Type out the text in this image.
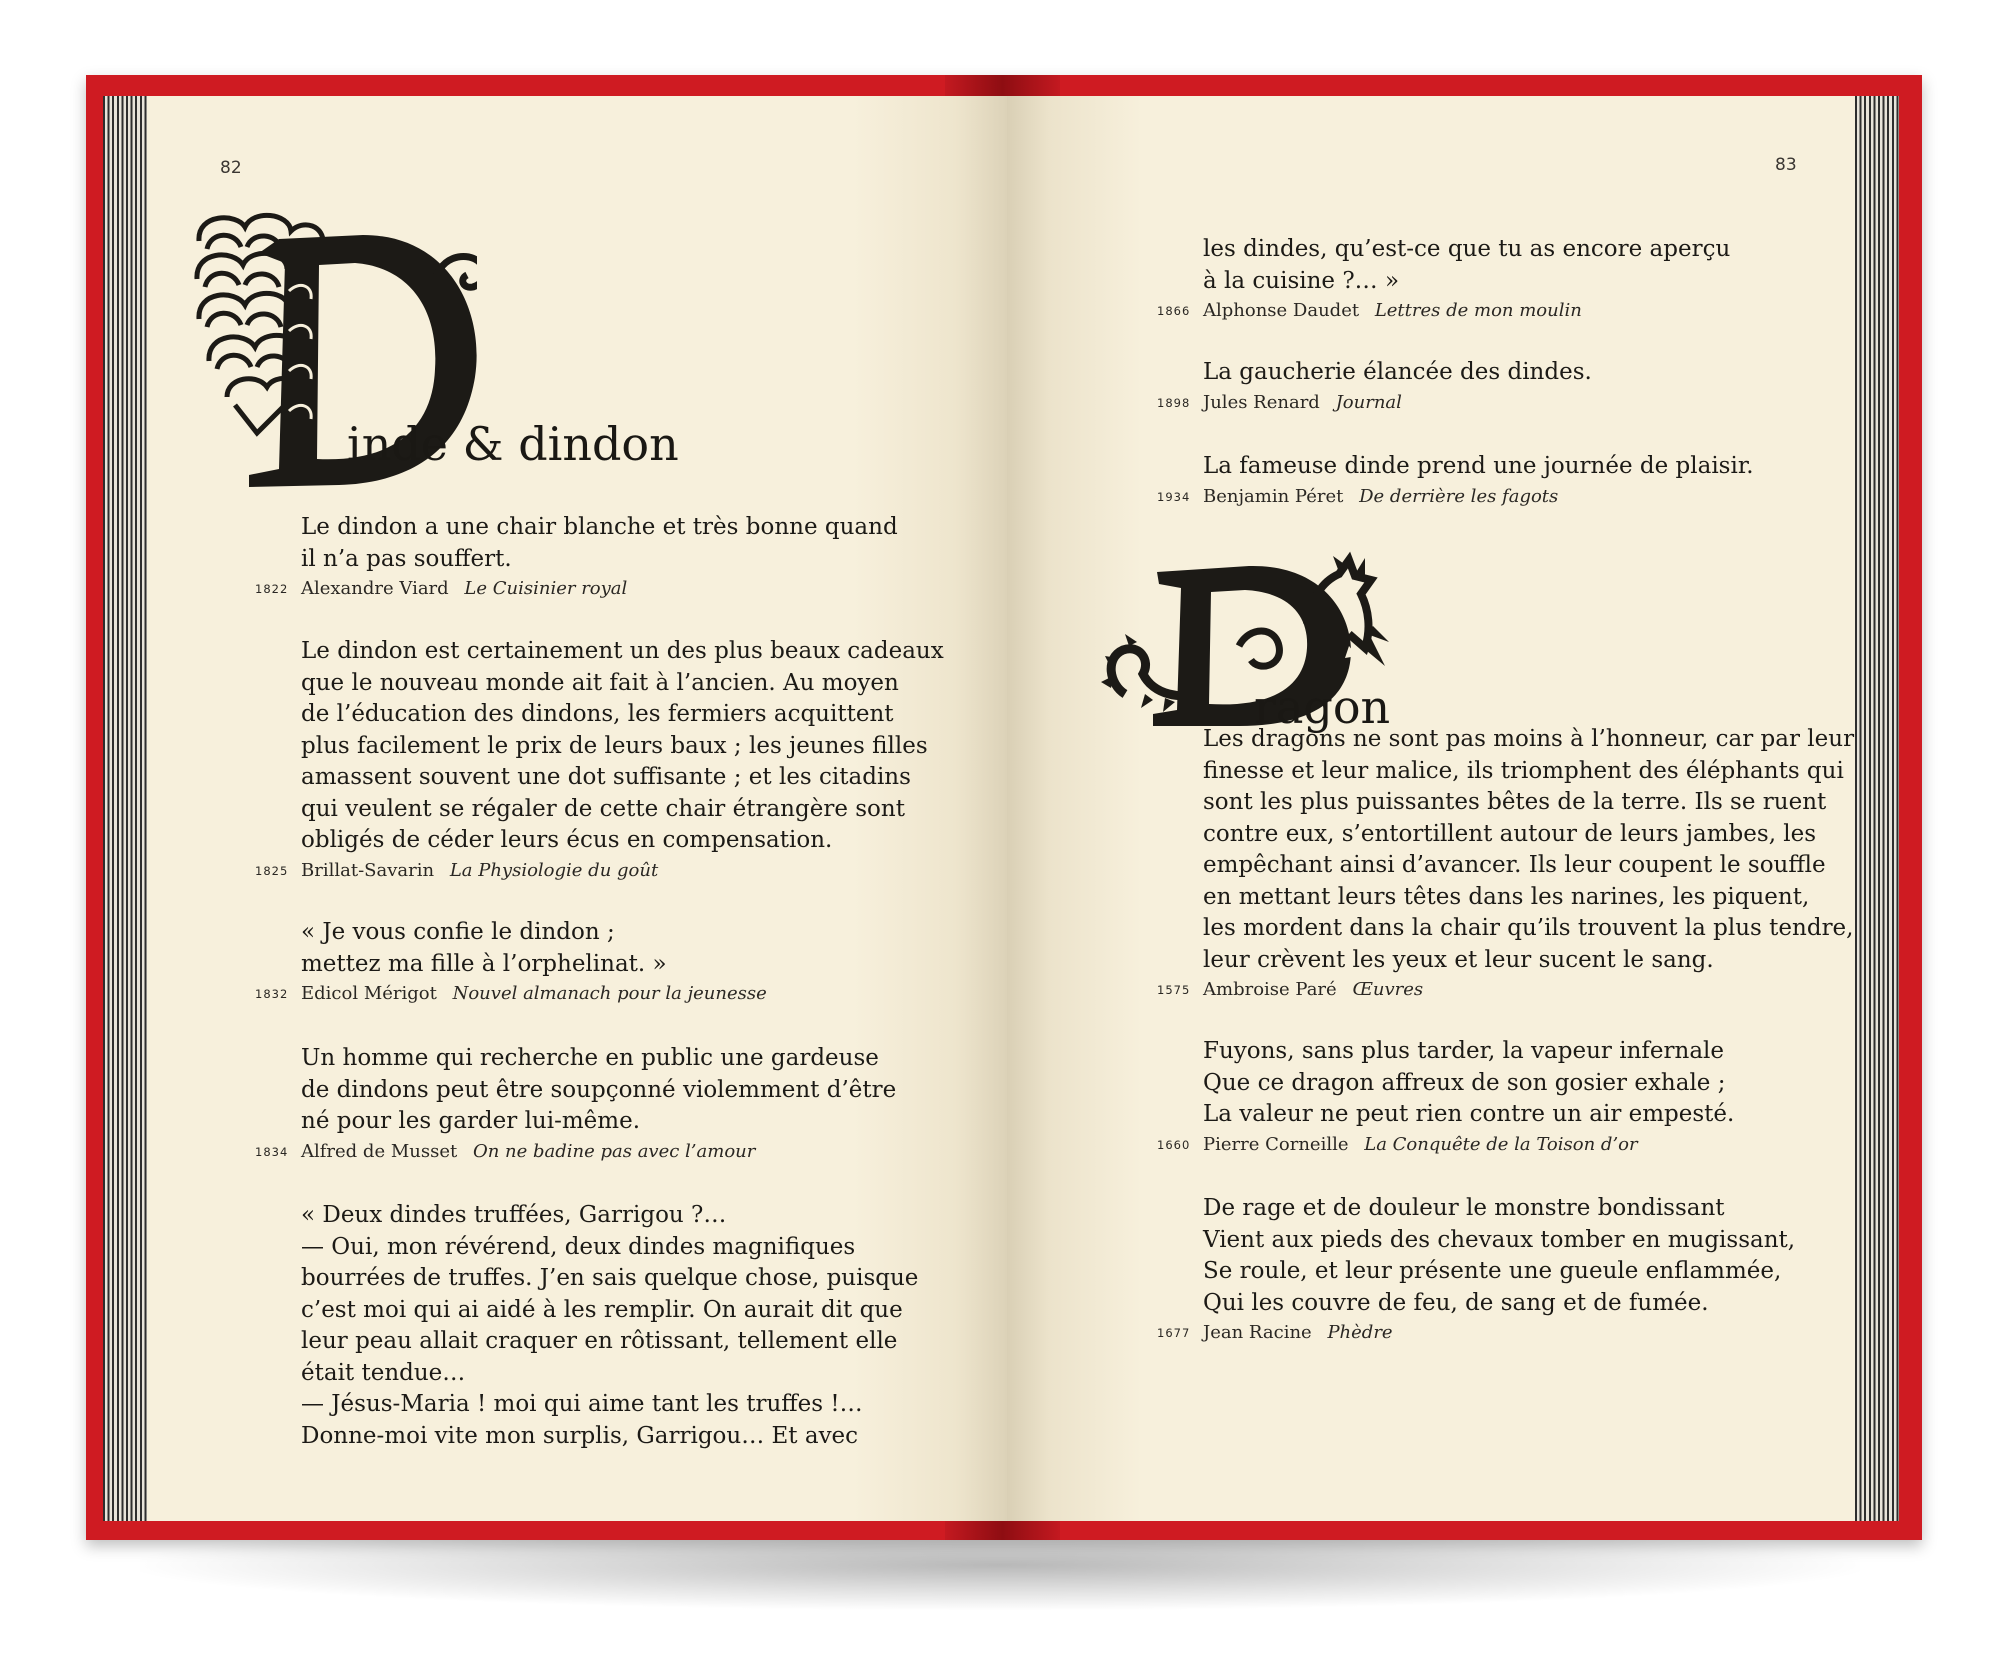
82
inde & dindon
Le dindon a une chair blanche et très bonne quand
il n’a pas souffert.
1822 Alexandre Viard Le Cuisinier royal
Le dindon est certainement un des plus beaux cadeaux
que le nouveau monde ait fait à l’ancien. Au moyen
de l’éducation des dindons, les fermiers acquittent
plus facilement le prix de leurs baux ; les jeunes filles
amassent souvent une dot suffisante ; et les citadins
qui veulent se régaler de cette chair étrangère sont
obligés de céder leurs écus en compensation.
1825 Brillat-Savarin La Physiologie du goût
« Je vous confie le dindon ;
mettez ma fille à l’orphelinat. »
1832 Edicol Mérigot Nouvel almanach pour la jeunesse
Un homme qui recherche en public une gardeuse
de dindons peut être soupçonné violemment d’être
né pour les garder lui-même.
1834 Alfred de Musset On ne badine pas avec l’amour
« Deux dindes truffées, Garrigou ?…
— Oui, mon révérend, deux dindes magnifiques
bourrées de truffes. J’en sais quelque chose, puisque
c’est moi qui ai aidé à les remplir. On aurait dit que
leur peau allait craquer en rôtissant, tellement elle
était tendue…
— Jésus-Maria ! moi qui aime tant les truffes !…
Donne-moi vite mon surplis, Garrigou… Et avec
83
les dindes, qu’est-ce que tu as encore aperçu
à la cuisine ?… »
1866 Alphonse Daudet Lettres de mon moulin
La gaucherie élancée des dindes.
1898 Jules Renard Journal
La fameuse dinde prend une journée de plaisir.
1934 Benjamin Péret De derrière les fagots
ragon
Les dragons ne sont pas moins à l’honneur, car par leur
finesse et leur malice, ils triomphent des éléphants qui
sont les plus puissantes bêtes de la terre. Ils se ruent
contre eux, s’entortillent autour de leurs jambes, les
empêchant ainsi d’avancer. Ils leur coupent le souffle
en mettant leurs têtes dans les narines, les piquent,
les mordent dans la chair qu’ils trouvent la plus tendre,
leur crèvent les yeux et leur sucent le sang.
1575 Ambroise Paré Œuvres
Fuyons, sans plus tarder, la vapeur infernale
Que ce dragon affreux de son gosier exhale ;
La valeur ne peut rien contre un air empesté.
1660 Pierre Corneille La Conquête de la Toison d’or
De rage et de douleur le monstre bondissant
Vient aux pieds des chevaux tomber en mugissant,
Se roule, et leur présente une gueule enflammée,
Qui les couvre de feu, de sang et de fumée.
1677 Jean Racine Phèdre
